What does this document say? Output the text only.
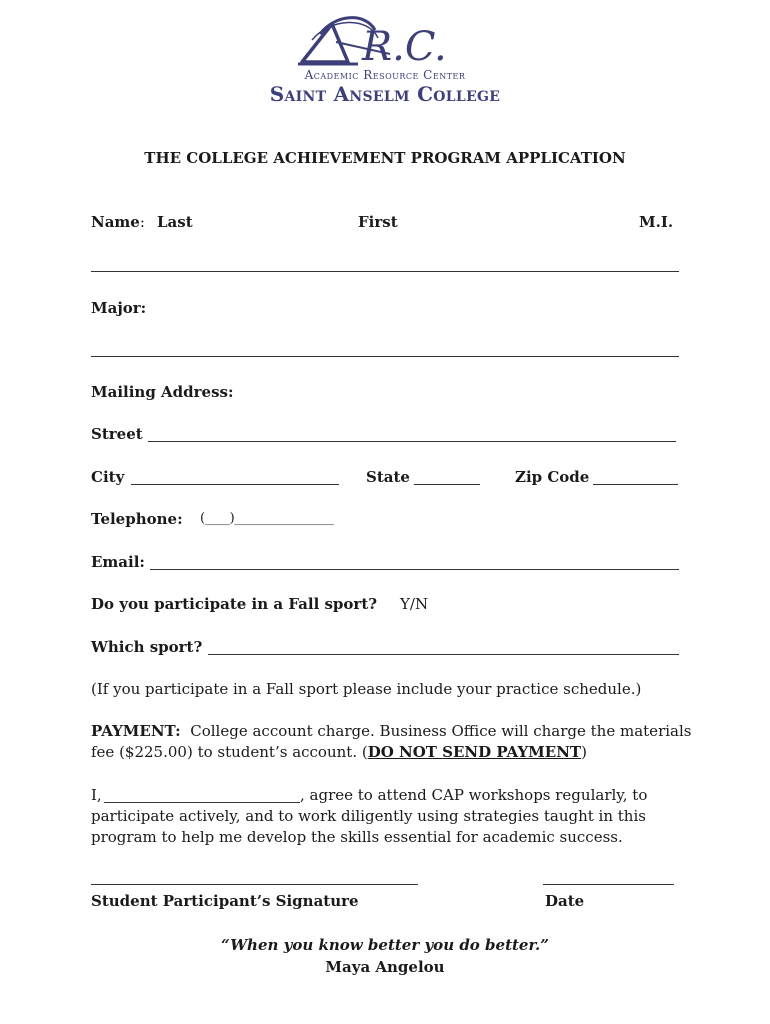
R.C.
Academic Resource Center
Saint Anselm College
THE COLLEGE ACHIEVEMENT PROGRAM APPLICATION
Name: Last	First	M.I.
Major:
Mailing Address:
Street
City	State	Zip Code
Telephone: (____)________________
Email:
Do you participate in a Fall sport? Y/N
Which sport?
(If you participate in a Fall sport please include your practice schedule.)
PAYMENT: College account charge. Business Office will charge the materials
fee ($225.00) to student’s account. (DO NOT SEND PAYMENT)
I,	, agree to attend CAP workshops regularly, to
participate actively, and to work diligently using strategies taught in this
program to help me develop the skills essential for academic success.
Student Participant’s Signature	Date
“When you know better you do better.”
Maya Angelou
